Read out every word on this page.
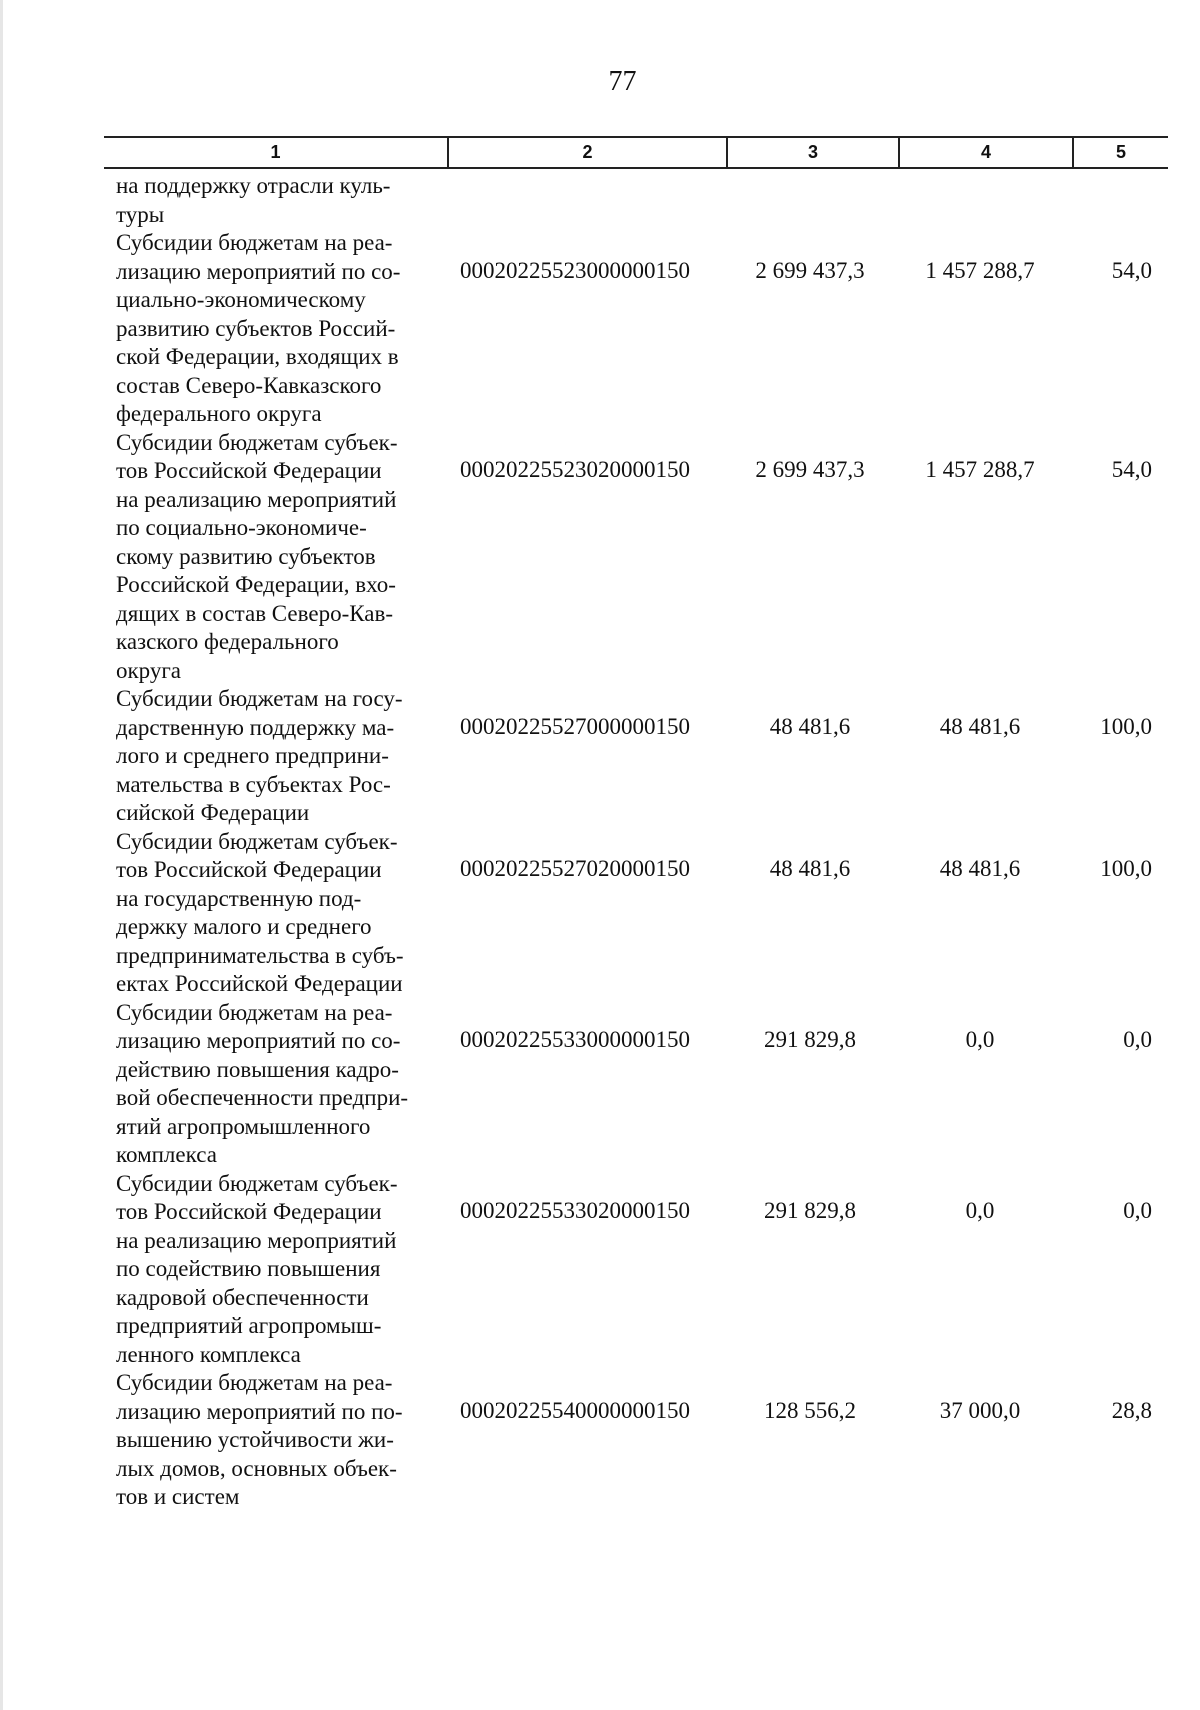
77
1	2	3	4	5
на поддержку отрасли куль-
туры
Субсидии бюджетам на реа-
лизацию мероприятий по со-
циально-экономическому
развитию субъектов Россий-
ской Федерации, входящих в
состав Северо-Кавказского
федерального округа
00020225523000000150	2 699 437,3	1 457 288,7	54,0
Субсидии бюджетам субъек-
тов Российской Федерации
на реализацию мероприятий
по социально-экономиче-
скому развитию субъектов
Российской Федерации, вхо-
дящих в состав Северо-Кав-
казского федерального
округа
00020225523020000150	2 699 437,3	1 457 288,7	54,0
Субсидии бюджетам на госу-
дарственную поддержку ма-
лого и среднего предприни-
мательства в субъектах Рос-
сийской Федерации
00020225527000000150	48 481,6	48 481,6	100,0
Субсидии бюджетам субъек-
тов Российской Федерации
на государственную под-
держку малого и среднего
предпринимательства в субъ-
ектах Российской Федерации
00020225527020000150	48 481,6	48 481,6	100,0
Субсидии бюджетам на реа-
лизацию мероприятий по со-
действию повышения кадро-
вой обеспеченности предпри-
ятий агропромышленного
комплекса
00020225533000000150	291 829,8	0,0	0,0
Субсидии бюджетам субъек-
тов Российской Федерации
на реализацию мероприятий
по содействию повышения
кадровой обеспеченности
предприятий агропромыш-
ленного комплекса
00020225533020000150	291 829,8	0,0	0,0
Субсидии бюджетам на реа-
лизацию мероприятий по по-
вышению устойчивости жи-
лых домов, основных объек-
тов и систем
00020225540000000150	128 556,2	37 000,0	28,8
